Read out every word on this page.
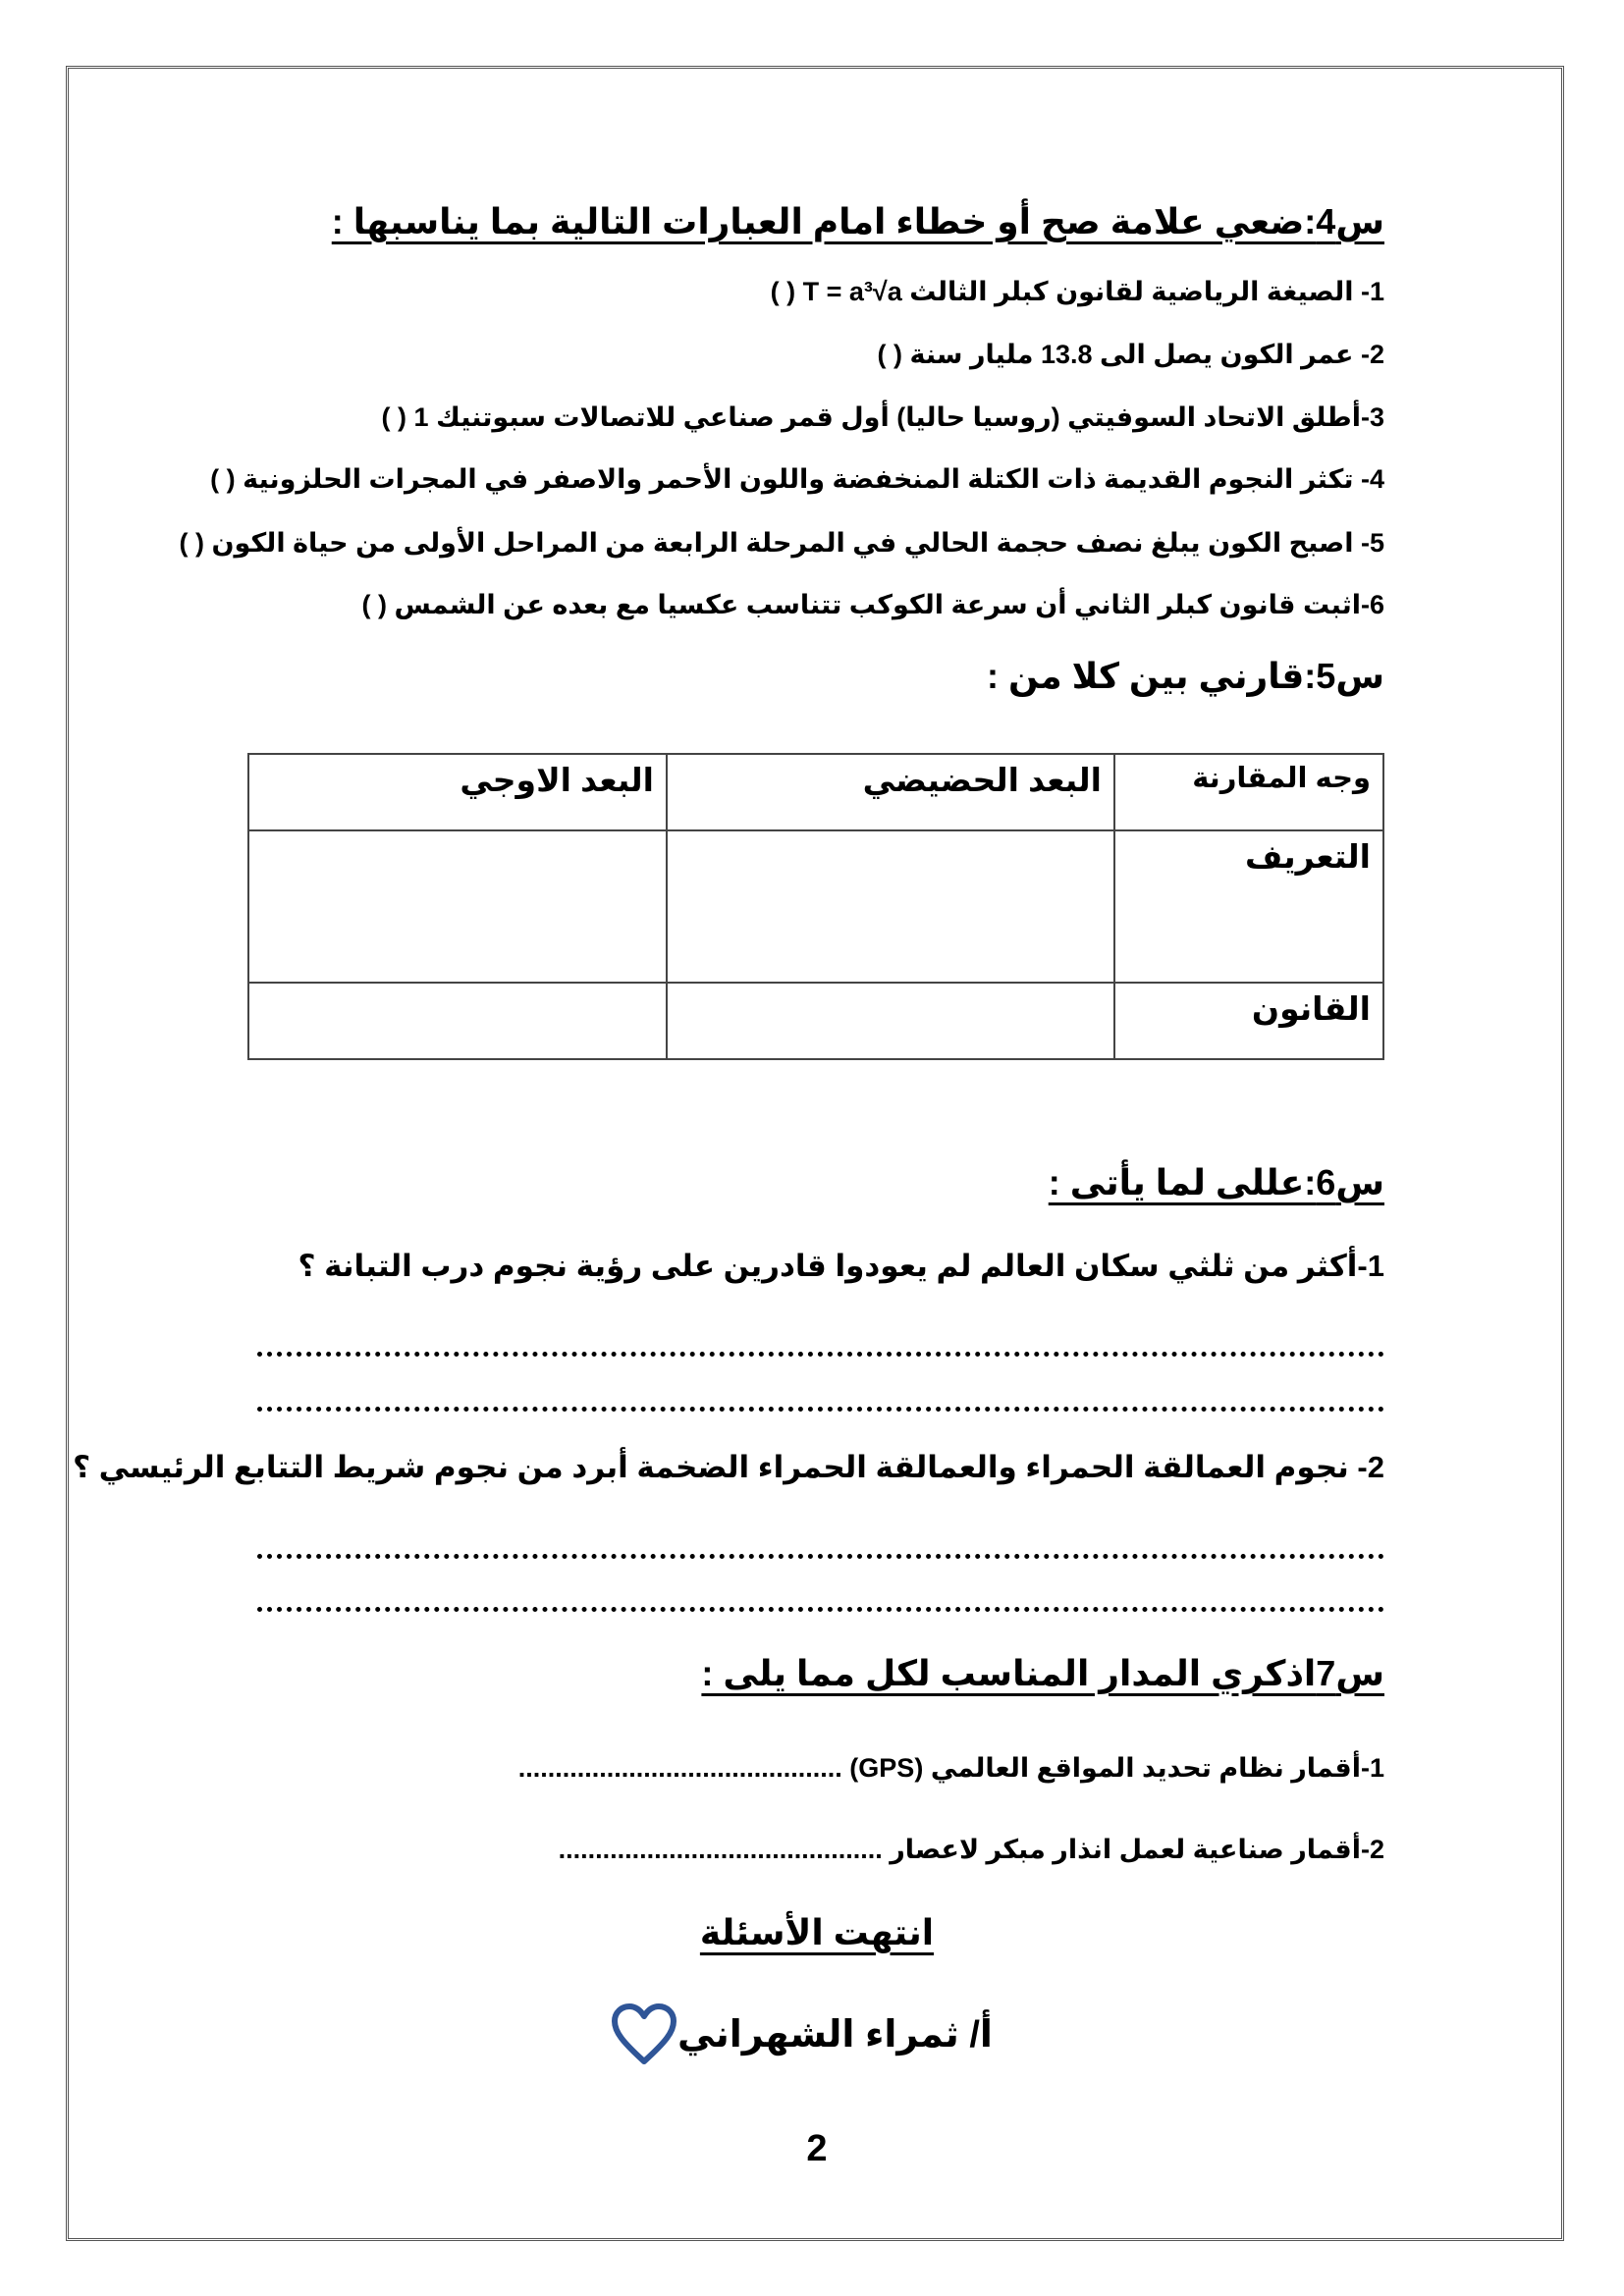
س4:ضعي علامة صح أو خطاء امام العبارات التالية بما يناسبها :
1- الصيغة الرياضية لقانون كبلر الثالث T = a³√a ( )
2- عمر الكون يصل الى 13.8 مليار سنة ( )
3-أطلق الاتحاد السوفيتي (روسيا حاليا) أول قمر صناعي للاتصالات سبوتنيك 1 ( )
4- تكثر النجوم القديمة ذات الكتلة المنخفضة واللون الأحمر والاصفر في المجرات الحلزونية ( )
5- اصبح الكون يبلغ نصف حجمة الحالي في المرحلة الرابعة من المراحل الأولى من حياة الكون ( )
6-اثبت قانون كبلر الثاني أن سرعة الكوكب تتناسب عكسيا مع بعده عن الشمس ( )
س5:قارني بين كلا من :
وجه المقارنة	البعد الحضيضي	البعد الاوجي
التعريف		
القانون		
س6:عللى لما يأتى :
1-أكثر من ثلثي سكان العالم لم يعودوا قادرين على رؤية نجوم درب التبانة ؟
2- نجوم العمالقة الحمراء والعمالقة الحمراء الضخمة أبرد من نجوم شريط التتابع الرئيسي ؟
س7اذكري المدار المناسب لكل مما يلى :
1-أقمار نظام تحديد المواقع العالمي (GPS) ............................................
2-أقمار صناعية لعمل انذار مبكر لاعصار ............................................
انتهت الأسئلة
أ/ ثمراء الشهراني
2
